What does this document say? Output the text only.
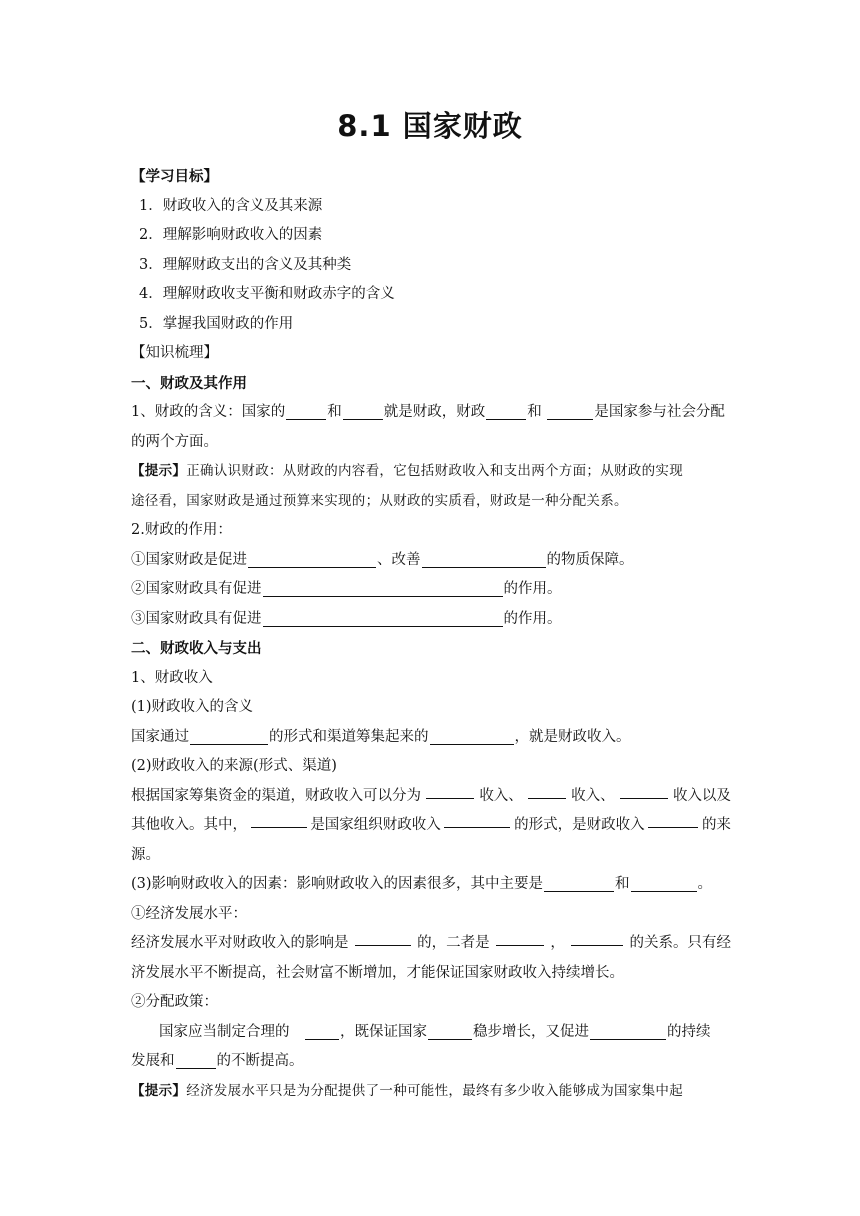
8.1 国家财政
【学习目标】
1．财政收入的含义及其来源
2．理解影响财政收入的因素
3．理解财政支出的含义及其种类
4．理解财政收支平衡和财政赤字的含义
5．掌握我国财政的作用
【知识梳理】
一、财政及其作用
1、财政的含义：国家的	和	就是财政，财政	和	是国家参与社会分配
的两个方面。
【提示】正确认识财政：从财政的内容看，它包括财政收入和支出两个方面；从财政的实现
途径看，国家财政是通过预算来实现的；从财政的实质看，财政是一种分配关系。
2.财政的作用：
①国家财政是促进	、改善	的物质保障。
②国家财政具有促进	的作用。
③国家财政具有促进	的作用。
二、财政收入与支出
1、财政收入
(1)财政收入的含义
国家通过	的形式和渠道筹集起来的	，就是财政收入。
(2)财政收入的来源(形式、渠道)
根据国家筹集资金的渠道，财政收入可以分为	收入、	收入、	收入以及
其他收入。其中，	是国家组织财政收入	的形式，是财政收入	的来
源。
(3)影响财政收入的因素：影响财政收入的因素很多，其中主要是	和	。
①经济发展水平：
经济发展水平对财政收入的影响是	的，二者是	，	的关系。只有经
济发展水平不断提高，社会财富不断增加，才能保证国家财政收入持续增长。
②分配政策：
国家应当制定合理的　，既保证国家	稳步增长，又促进	的持续
发展和	的不断提高。
【提示】经济发展水平只是为分配提供了一种可能性，最终有多少收入能够成为国家集中起
